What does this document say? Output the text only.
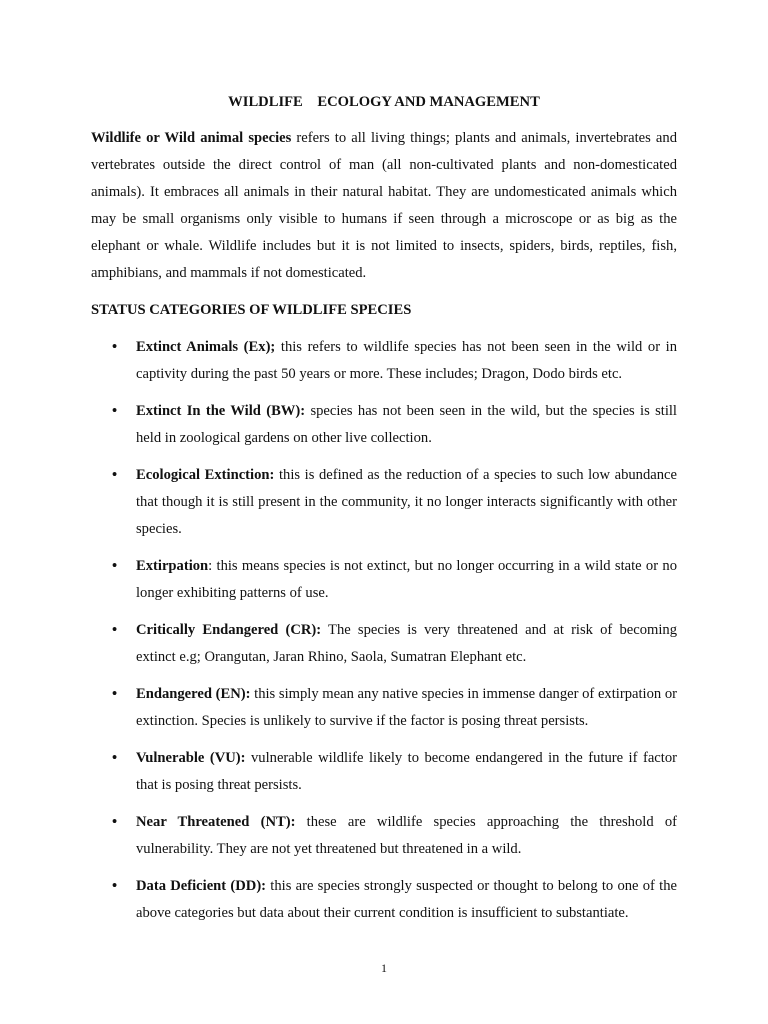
WILDLIFE    ECOLOGY AND MANAGEMENT

Wildlife or Wild animal species refers to all living things; plants and animals, invertebrates and vertebrates outside the direct control of man (all non-cultivated plants and non-domesticated animals). It embraces all animals in their natural habitat. They are undomesticated animals which may be small organisms only visible to humans if seen through a microscope or as big as the elephant or whale. Wildlife includes but it is not limited to insects, spiders, birds, reptiles, fish, amphibians, and mammals if not domesticated.

STATUS CATEGORIES OF WILDLIFE SPECIES
• Extinct Animals (Ex); this refers to wildlife species has not been seen in the wild or in captivity during the past 50 years or more. These includes; Dragon, Dodo birds etc.
• Extinct In the Wild (BW): species has not been seen in the wild, but the species is still held in zoological gardens on other live collection.
• Ecological Extinction: this is defined as the reduction of a species to such low abundance that though it is still present in the community, it no longer interacts significantly with other species.
• Extirpation: this means species is not extinct, but no longer occurring in a wild state or no longer exhibiting patterns of use.
• Critically Endangered (CR): The species is very threatened and at risk of becoming extinct e.g; Orangutan, Jaran Rhino, Saola, Sumatran Elephant etc.
• Endangered (EN): this simply mean any native species in immense danger of extirpation or extinction. Species is unlikely to survive if the factor is posing threat persists.
• Vulnerable (VU): vulnerable wildlife likely to become endangered in the future if factor that is posing threat persists.
• Near Threatened (NT): these are wildlife species approaching the threshold of vulnerability. They are not yet threatened but threatened in a wild.
• Data Deficient (DD): this are species strongly suspected or thought to belong to one of the above categories but data about their current condition is insufficient to substantiate.
1
